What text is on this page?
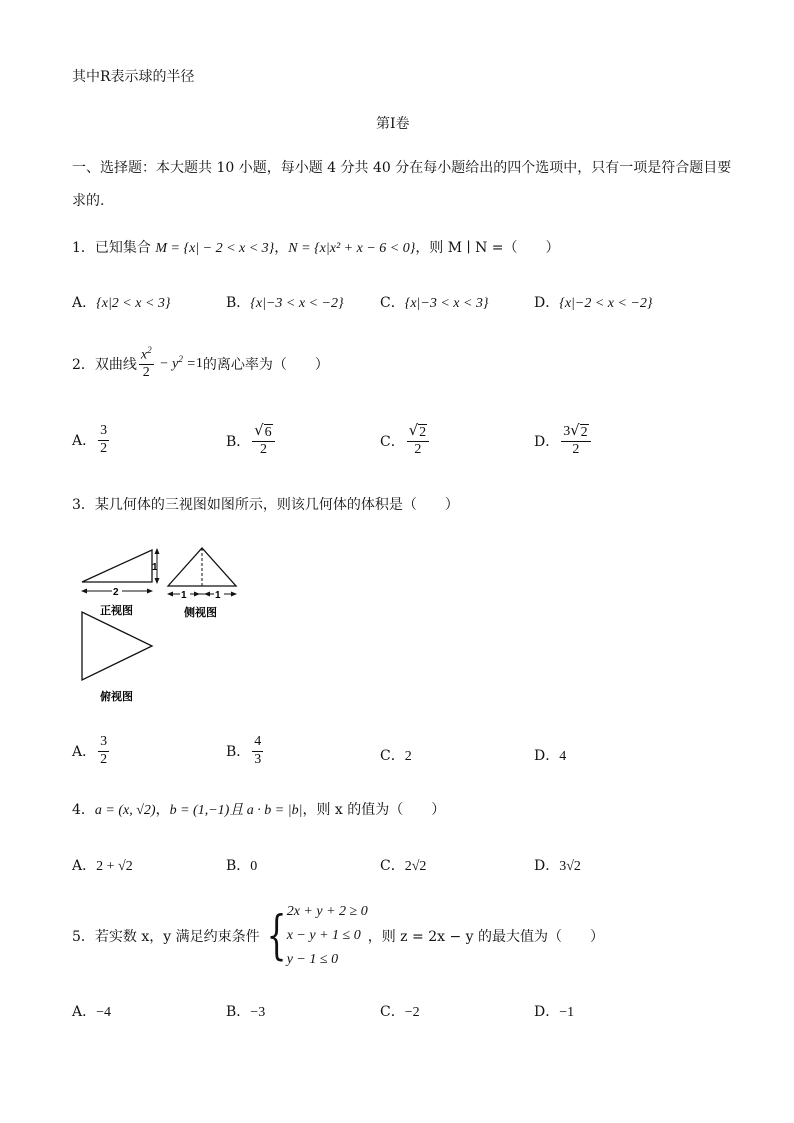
其中R表示球的半径
第Ⅰ卷
一、选择题：本大题共 10 小题，每小题 4 分共 40 分在每小题给出的四个选项中，只有一项是符合题目要
求的.
1．已知集合 M = {x| − 2 < x < 3}，N = {x|x² + x − 6 < 0}，则 M ∣ N =（　　）
A．{x|2 < x < 3}	B．{x|−3 < x < −2}	C．{x|−3 < x < 3}	D．{x|−2 < x < −2}
2．双曲线 $\frac{x^2}{2} - y^2 = 1$ 的离心率为（　　）
A． $\frac{3}{2}$	B． $\frac{√ 6}{2}$	C． $\frac{√ 2}{2}$	D． $\frac{3 √ 2}{2}$
3．某几何体的三视图如图所示，则该几何体的体积是（　　）
1
2
正视图
1	1
侧视图
俯视图
A． $\frac{3}{2}$	B． $\frac{4}{3}$	C．2	D．4
4．a = (x, √2)，b = (1,−1)且 a · b = |b|，则 x 的值为（　　）
A．2 + √2	B．0	C．2√2	D．3√2
5．若实数 x，y 满足约束条件 { 2x + y + 2 ≥ 0
x − y + 1 ≤ 0
y − 1 ≤ 0
，则 z = 2x − y 的最大值为（　　）
A．−4	B．−3	C．−2	D．−1
